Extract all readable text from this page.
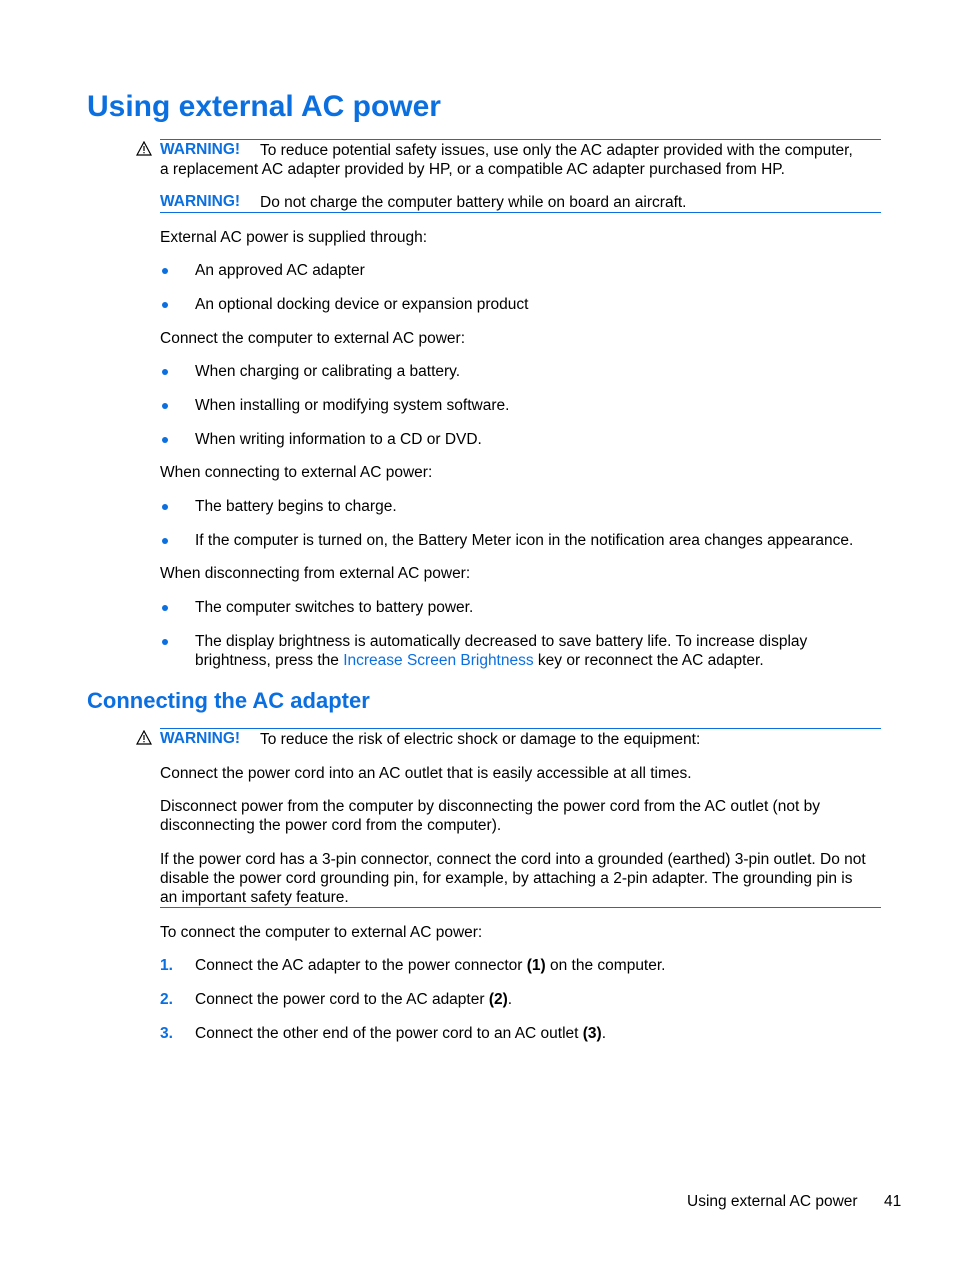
Using external AC power
WARNING! To reduce potential safety issues, use only the AC adapter provided with the computer,
a replacement AC adapter provided by HP, or a compatible AC adapter purchased from HP.
WARNING! Do not charge the computer battery while on board an aircraft.
External AC power is supplied through:
An approved AC adapter
An optional docking device or expansion product
Connect the computer to external AC power:
When charging or calibrating a battery.
When installing or modifying system software.
When writing information to a CD or DVD.
When connecting to external AC power:
The battery begins to charge.
If the computer is turned on, the Battery Meter icon in the notification area changes appearance.
When disconnecting from external AC power:
The computer switches to battery power.
The display brightness is automatically decreased to save battery life. To increase display
brightness, press the Increase Screen Brightness key or reconnect the AC adapter.
Connecting the AC adapter
WARNING! To reduce the risk of electric shock or damage to the equipment:
Connect the power cord into an AC outlet that is easily accessible at all times.
Disconnect power from the computer by disconnecting the power cord from the AC outlet (not by
disconnecting the power cord from the computer).
If the power cord has a 3-pin connector, connect the cord into a grounded (earthed) 3-pin outlet. Do not
disable the power cord grounding pin, for example, by attaching a 2-pin adapter. The grounding pin is
an important safety feature.
To connect the computer to external AC power:
1. Connect the AC adapter to the power connector (1) on the computer.
2. Connect the power cord to the AC adapter (2).
3. Connect the other end of the power cord to an AC outlet (3).
Using external AC power 41
